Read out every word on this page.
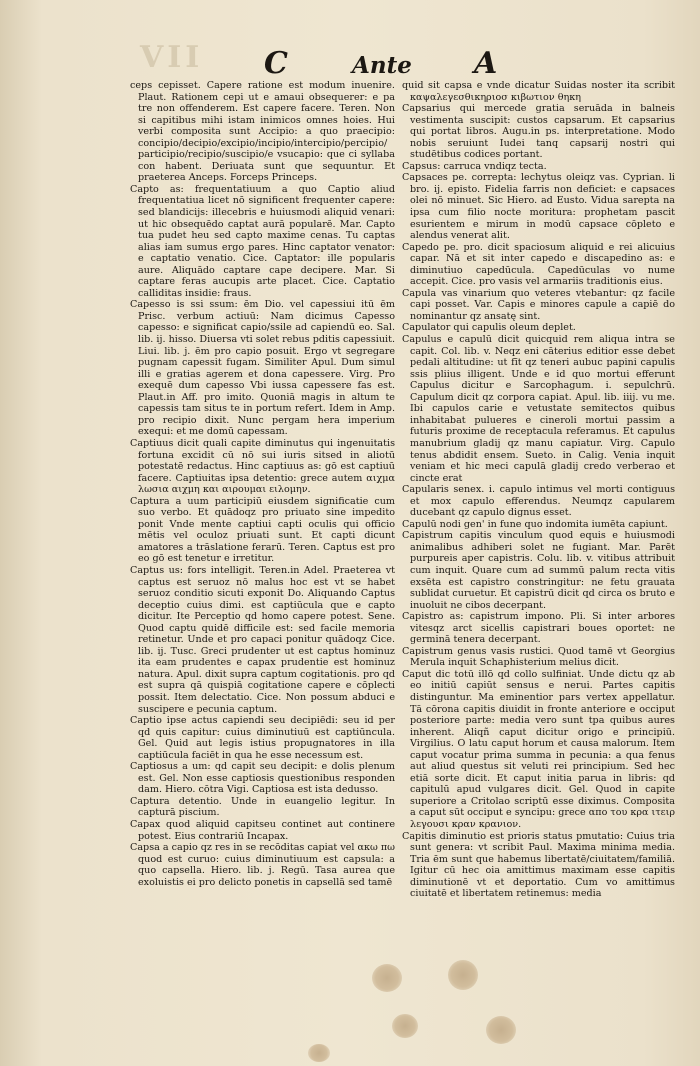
VII C	Ante A

ceps cepisset. Capere ratione est modum inuenire. Plaut. Rationem cepi ut e amaui obsequerer: e pa tre non offenderem. Est capere facere. Teren. Non si capitibus mihi istam inimicos omnes hoies. Hui verbi composita sunt Accipio: a quo praecipio: concipio/decipio/excipio/incipio/intercipio/percipio/ participio/recipio/suscipio/e vsucapio: que ci syllaba con habent. Deriuata sunt que sequuntur. Et praeterea Anceps. Forceps Princeps.

Capto as: frequentatiuum a quo Captio aliud frequentatiua licet nō significent frequenter capere: sed blandicijs: illecebris e huiusmodi aliquid venari: ut hic obsequēdo captat aurā popularē. Mar. Capto tua pudet heu sed capto maxime cenas. Tu captas alias iam sumus ergo pares. Hinc captator venator: e captatio venatio. Cice. Captator: ille popularis aure. Aliquādo captare cape decipere. Mar. Si captare feras aucupis arte placet. Cice. Captatio calliditas insidie: fraus.

Capesso is ssi ssum: ēm Dio. vel capessiui itū ēm Prisc. verbum actiuū: Nam dicimus Capesso capesso: e significat capio/ssile ad capiendū eo. Sal. lib. ij. hisso. Diuersa vti solet rebus pditis capessiuit. Liui. lib. j. ēm pro capio posuit. Ergo vt segregare pugnam capessit fugam. Similiter Apul. Dum simul illi e gratias agerem et dona capessere. Virg. Pro exequē dum capesso Vbi iussa capessere fas est. Plaut.in Aff. pro imito. Quoniā magis in altum te capessis tam situs te in portum refert. Idem in Amp. pro recipio dixit. Nunc pergam hera imperium exequi: et me domū capessam.

Captiuus dicit quali capite diminutus qui ingenuitatis fortuna excidit cū nō sui iuris sitsed in aliotū potestatē redactus. Hinc captiuus as: gō est captiuū facere. Captiuitas ipsa detentio: grece autem αιχμα λωσια αιχμη και αιρουμαι ειλομην.

Captura a uum participiū eiusdem significatie cum suo verbo. Et quādoqz pro priuato sine impedito ponit Vnde mente captiui capti oculis qui officio mētis vel oculoz priuati sunt. Et capti dicunt amatores a trāslatione ferarū. Teren. Captus est pro eo gō est tenetur e irretitur.

Captus us: fors intelligit. Teren.in Adel. Praeterea vt captus est seruoz nō malus hoc est vt se habet seruoz conditio sicuti exponit Do. Aliquando Captus deceptio cuius dimi. est captiūcula que e capto dicitur. Ite Perceptio qd homo capere potest. Sene. Quod captu quidē difficile est: sed facile memoria retinetur. Unde et pro capaci ponitur quādoqz Cice. lib. ij. Tusc. Greci prudenter ut est captus hominuz ita eam prudentes e capax prudentie est hominuz natura. Apul. dixit supra captum cogitationis. pro qd est supra qā quispiā cogitatione capere e cōplecti possit. Item delectatio. Cice. Non possum abduci e suscipere e pecunia captum.

Captio ipse actus capiendi seu decipiēdi: seu id per qd quis capitur: cuius diminutiuū est captiūncula. Gel. Quid aut legis istius propugnatores in illa captiūcula faciēt in qua he esse necessum est.

Captiosus a um: qd capit seu decipit: e dolis plenum est. Gel. Non esse captiosis questionibus responden dam. Hiero. cōtra Vigi. Captiosa est ista dedusso.

Captura detentio. Unde in euangelio legitur. In capturā piscium.

Capax quod aliquid capitseu continet aut continere potest. Eius contrariū Incapax.

Capsa a capio qz res in se recōditas capiat vel ακω πω quod est curuo: cuius diminutiuum est capsula: a quo capsella. Hiero. lib. j. Regū. Tasa aurea que exoluistis ei pro delicto ponetis in capsellā sed tamē

quid sit capsa e vnde dicatur Suidas noster ita scribit καψαλεγεσθικηριοσ κιβωτιον θηκη

Capsarius qui mercede gratia seruāda in balneis vestimenta suscipit: custos capsarum. Et capsarius qui portat libros. Augu.in ps. interpretatione. Modo nobis seruiunt Iudei tanq capsarij nostri qui studētibus codices portant.

Capsus: carruca vndiqz tecta.

Capsaces pe. correpta: lechytus oleiqz vas. Cyprian. li bro. ij. episto. Fidelia farris non deficiet: e capsaces olei nō minuet. Sic Hiero. ad Eusto. Vidua sarepta na ipsa cum filio nocte moritura: prophetam pascit esurientem e mirum in modū capsace cōpleto e alendus venerat alit.

Capedo pe. pro. dicit spaciosum aliquid e rei alicuius capar. Nā et sit inter capedo e discapedino as: e diminutiuo capedūcula. Capedūculas vo nume accepit. Cice. pro vasis vel armariis traditionis eius.

Capula vas vinarium quo veteres vtebantur: qz facile capi posset. Var. Capis e minores capule a capiē do nominantur qz ansatę sint.

Capulator qui capulis oleum deplet.

Capulus e capulū dicit quicquid rem aliqua intra se capit. Col. lib. v. Neqz eni cāterius editior esse debet pedali altitudine: ut fīt qz teneri aubuc papini capulis ssis pliius illigent. Unde e id quo mortui efferunt Capulus dicitur e Sarcophagum. i. sepulchrū. Capulum dicit qz corpora capiat. Apul. lib. iiij. vu me. Ibi capulos carie e vetustate semitectos quibus inhabitabat pulueres e cineroli mortui passim a futuris proxime de receptacula referamus. Et capulus manubrium gladij qz manu capiatur. Virg. Capulo tenus abdidit ensem. Sueto. in Calig. Venia inquit veniam et hic meci capulā gladij credo verberao et cincte erat

Capularis senex. i. capulo intimus vel morti contiguus et mox capulo efferendus. Neumqz capularem ducebant qz capulo dignus esset.

Capulū nodi gen' in fune quo indomita iumēta capiunt.

Capistrum capitis vinculum quod equis e huiusmodi animalibus adhiberi solet ne fugiant. Mar. Parēt purpureis aper capistris. Colu. lib. v. vitibus attribuit cum inquit. Quare cum ad summū palum recta vitis exsēta est capistro constringitur: ne fetu grauata sublidat curuetur. Et capistrū dicit qd circa os bruto e inuoluit ne cibos decerpant.

Capistro as: capistrum impono. Pli. Si inter arbores vitesqz arct sicellis capistrari boues oportet: ne germinā tenera decerpant.

Capistrum genus vasis rustici. Quod tamē vt Georgius Merula inquit Schaphisterium melius dicit.

Caput dic totū illō qd collo sulfiniat. Unde dictu qz ab eo initiū capiūt sensus e nerui. Partes capitis distinguntur. Ma eminentior pars vertex appellatur. Tā cōrona capitis diuidit in fronte anteriore e occiput posteriore parte: media vero sunt tpa quibus aures inherent. Aliqñ caput dicitur origo e principiū. Virgilius. O latu caput horum et causa malorum. Item caput vocatur prima summa in pecunia: a qua fenus aut aliud questus sit veluti rei principium. Sed hec etiā sorte dicit. Et caput initia parua in libris: qd capitulū apud vulgares dicit. Gel. Quod in capite superiore a Critolao scriptū esse diximus. Composita a caput sūt occiput e syncipu: grece απο του κρα ιτειρ λεγουσι κραν κρανιον.

Capitis diminutio est prioris status pmutatio: Cuius tria sunt genera: vt scribit Paul. Maxima minima media. Tria ēm sunt que habemus libertatē/ciuitatem/familiā. Igitur cū hec oia amittimus maximam esse capitis diminutionē vt et deportatio. Cum vo amittimus ciuitatē et libertatem retinemus: media
